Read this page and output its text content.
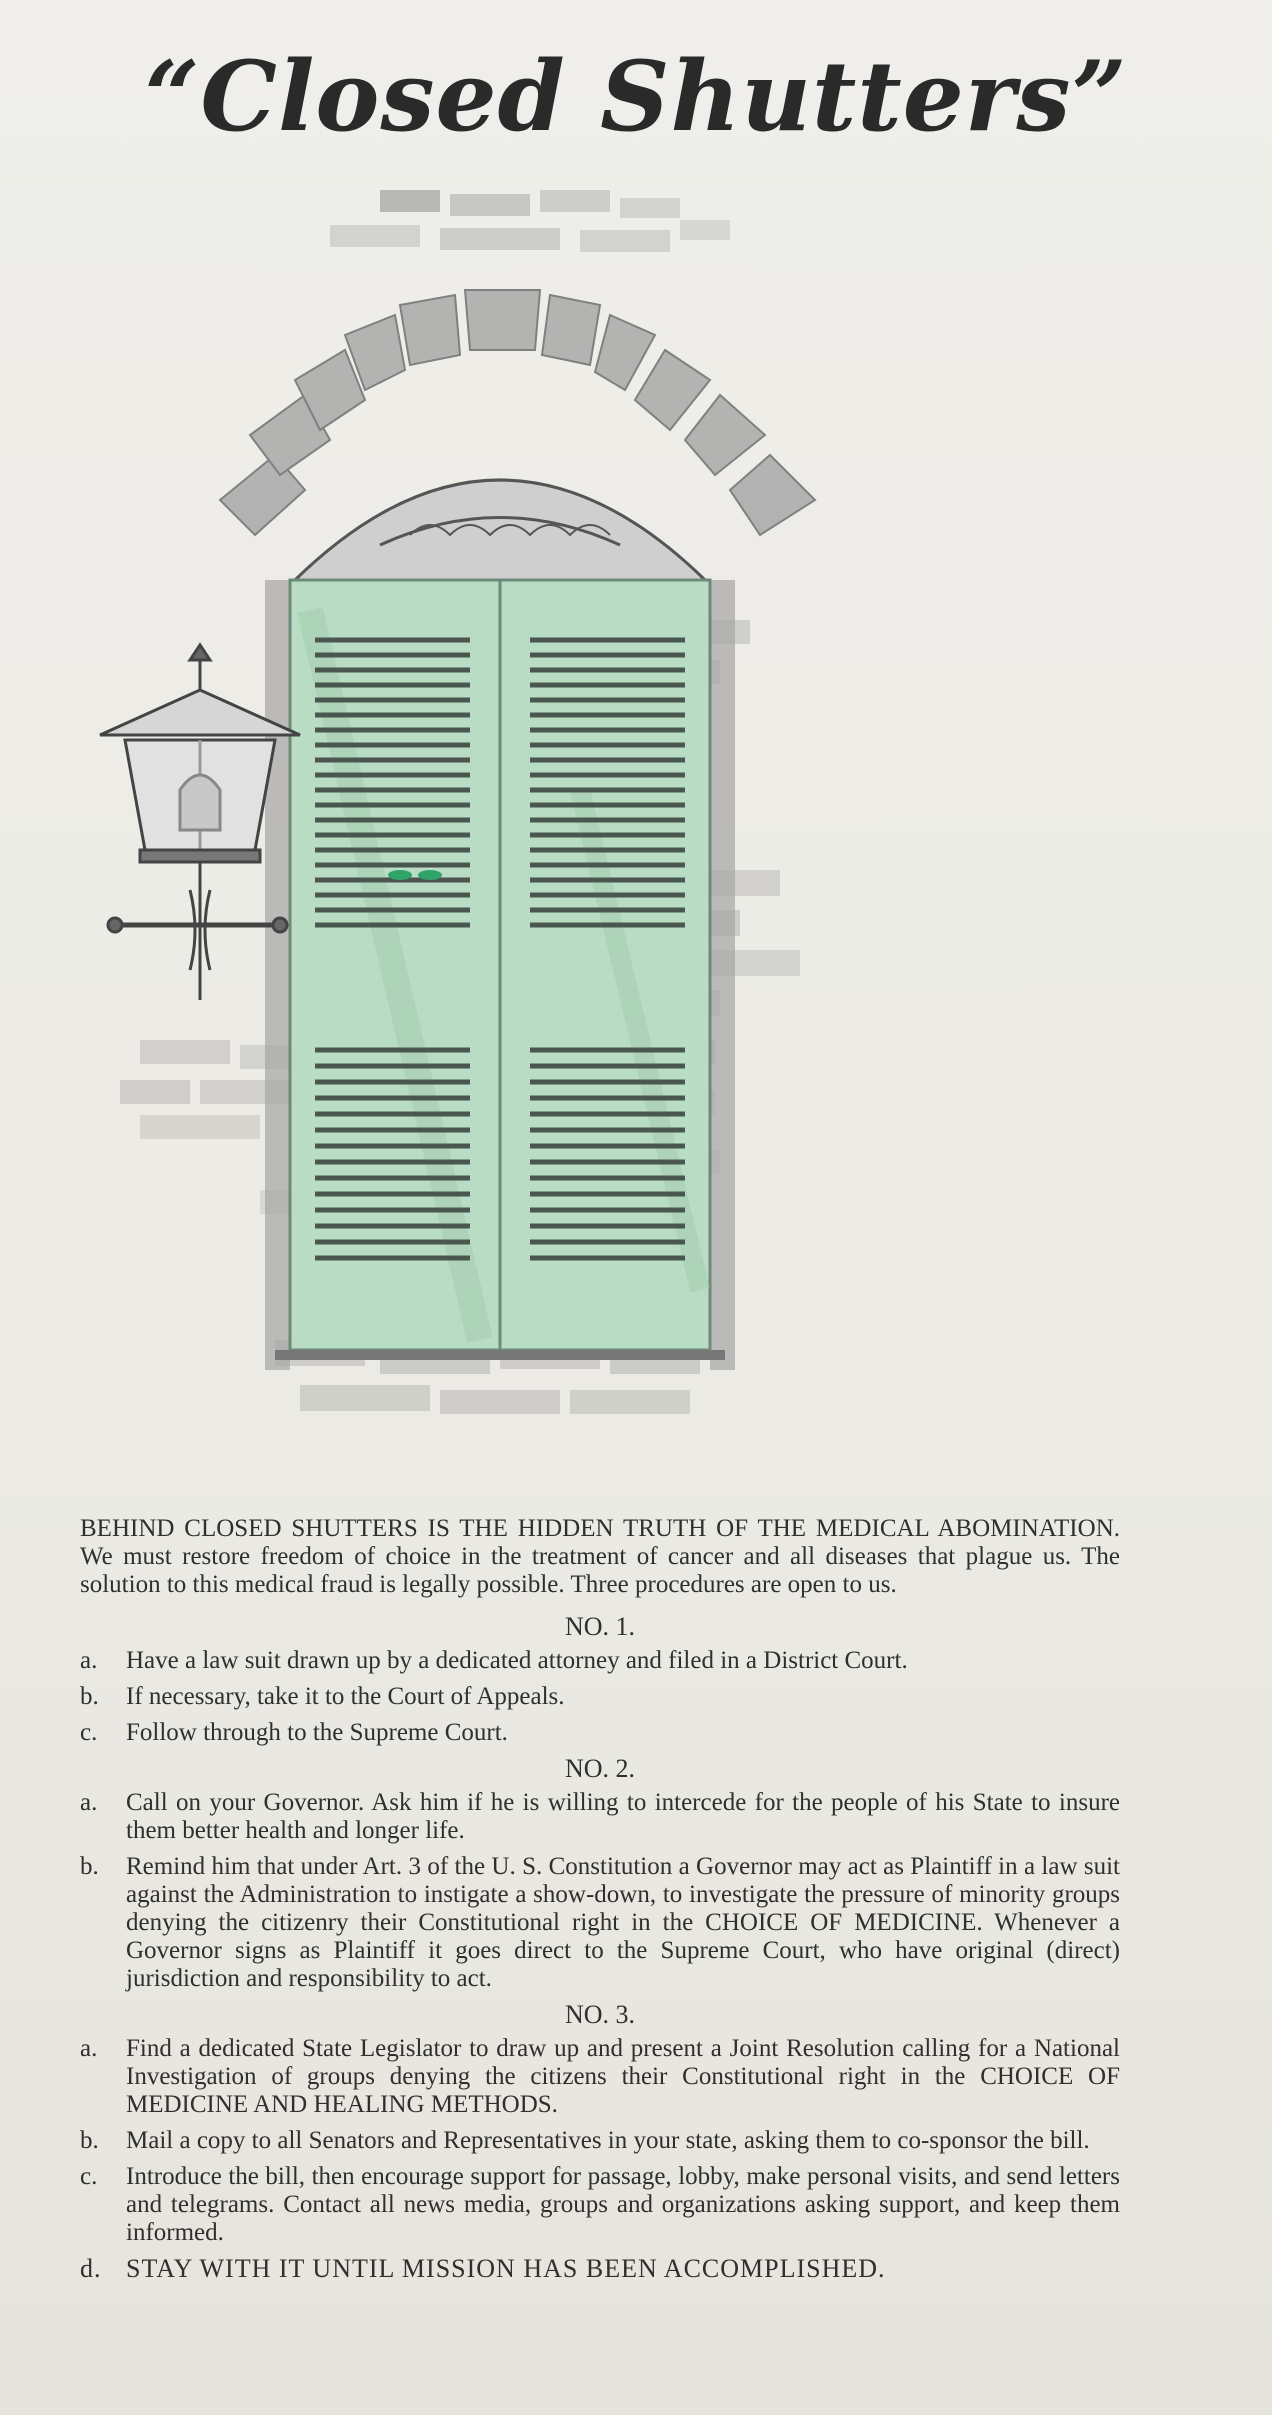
“Closed Shutters”

BEHIND CLOSED SHUTTERS IS THE HIDDEN TRUTH OF THE MEDICAL ABOMINATION. We must restore freedom of choice in the treatment of cancer and all diseases that plague us. The solution to this medical fraud is legally possible. Three procedures are open to us.

NO. 1.
a.	Have a law suit drawn up by a dedicated attorney and filed in a District Court.
b.	If necessary, take it to the Court of Appeals.
c.	Follow through to the Supreme Court.
NO. 2.
a.	Call on your Governor. Ask him if he is willing to intercede for the people of his State to insure them better health and longer life.
b.	Remind him that under Art. 3 of the U. S. Constitution a Governor may act as Plaintiff in a law suit against the Administration to instigate a show-down, to investigate the pressure of minority groups denying the citizenry their Constitutional right in the CHOICE OF MEDICINE. Whenever a Governor signs as Plaintiff it goes direct to the Supreme Court, who have original (direct) jurisdiction and responsibility to act.
NO. 3.
a.	Find a dedicated State Legislator to draw up and present a Joint Resolution calling for a National Investigation of groups denying the citizens their Constitutional right in the CHOICE OF MEDICINE AND HEALING METHODS.
b.	Mail a copy to all Senators and Representatives in your state, asking them to co-sponsor the bill.
c.	Introduce the bill, then encourage support for passage, lobby, make personal visits, and send letters and telegrams. Contact all news media, groups and organizations asking support, and keep them informed.
d. STAY WITH IT UNTIL MISSION HAS BEEN ACCOMPLISHED.
